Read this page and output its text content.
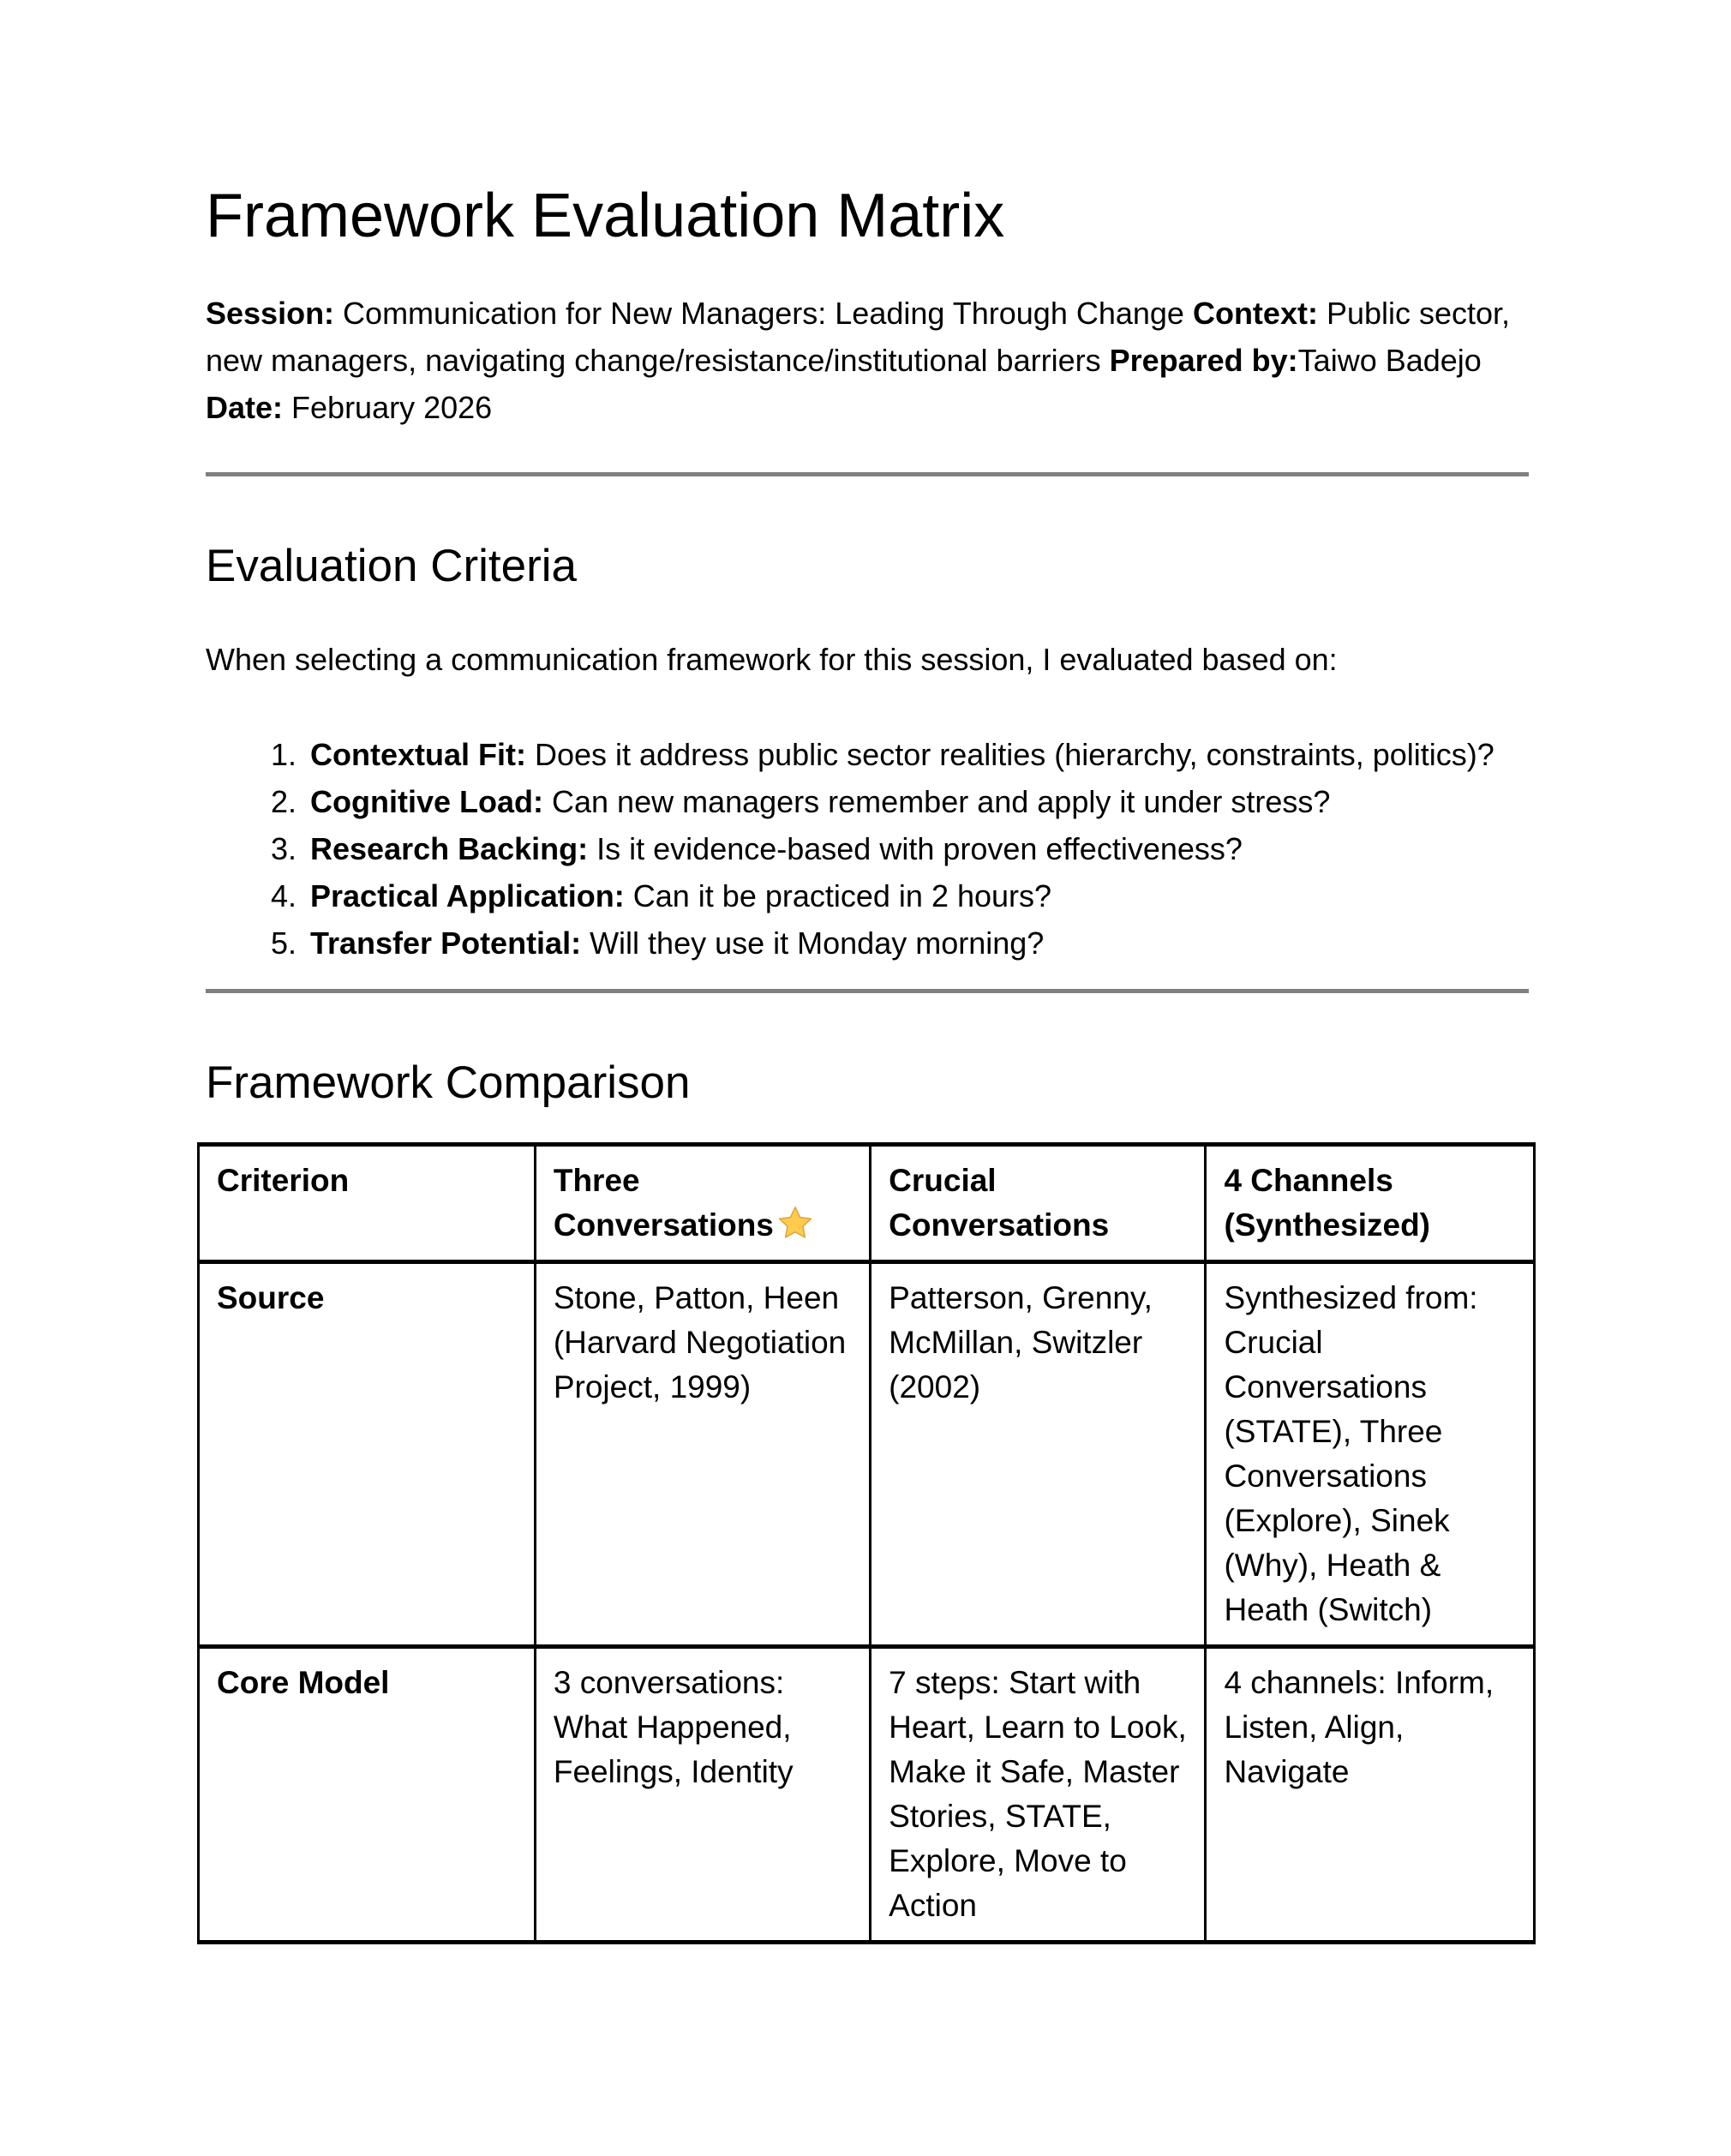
Framework Evaluation Matrix

Session: Communication for New Managers: Leading Through Change Context: Public sector, new managers, navigating change/resistance/institutional barriers Prepared by:Taiwo Badejo Date: February 2026

Evaluation Criteria

When selecting a communication framework for this session, I evaluated based on:

1. Contextual Fit: Does it address public sector realities (hierarchy, constraints, politics)?
2. Cognitive Load: Can new managers remember and apply it under stress?
3. Research Backing: Is it evidence-based with proven effectiveness?
4. Practical Application: Can it be practiced in 2 hours?
5. Transfer Potential: Will they use it Monday morning?
Framework Comparison
Criterion	Three Conversations	Crucial Conversations	4 Channels (Synthesized)
Source	Stone, Patton, Heen (Harvard Negotiation Project, 1999)	Patterson, Grenny, McMillan, Switzler (2002)	Synthesized from: Crucial Conversations (STATE), Three Conversations (Explore), Sinek (Why), Heath & Heath (Switch)
Core Model	3 conversations: What Happened, Feelings, Identity	7 steps: Start with Heart, Learn to Look, Make it Safe, Master Stories, STATE, Explore, Move to Action	4 channels: Inform, Listen, Align, Navigate
